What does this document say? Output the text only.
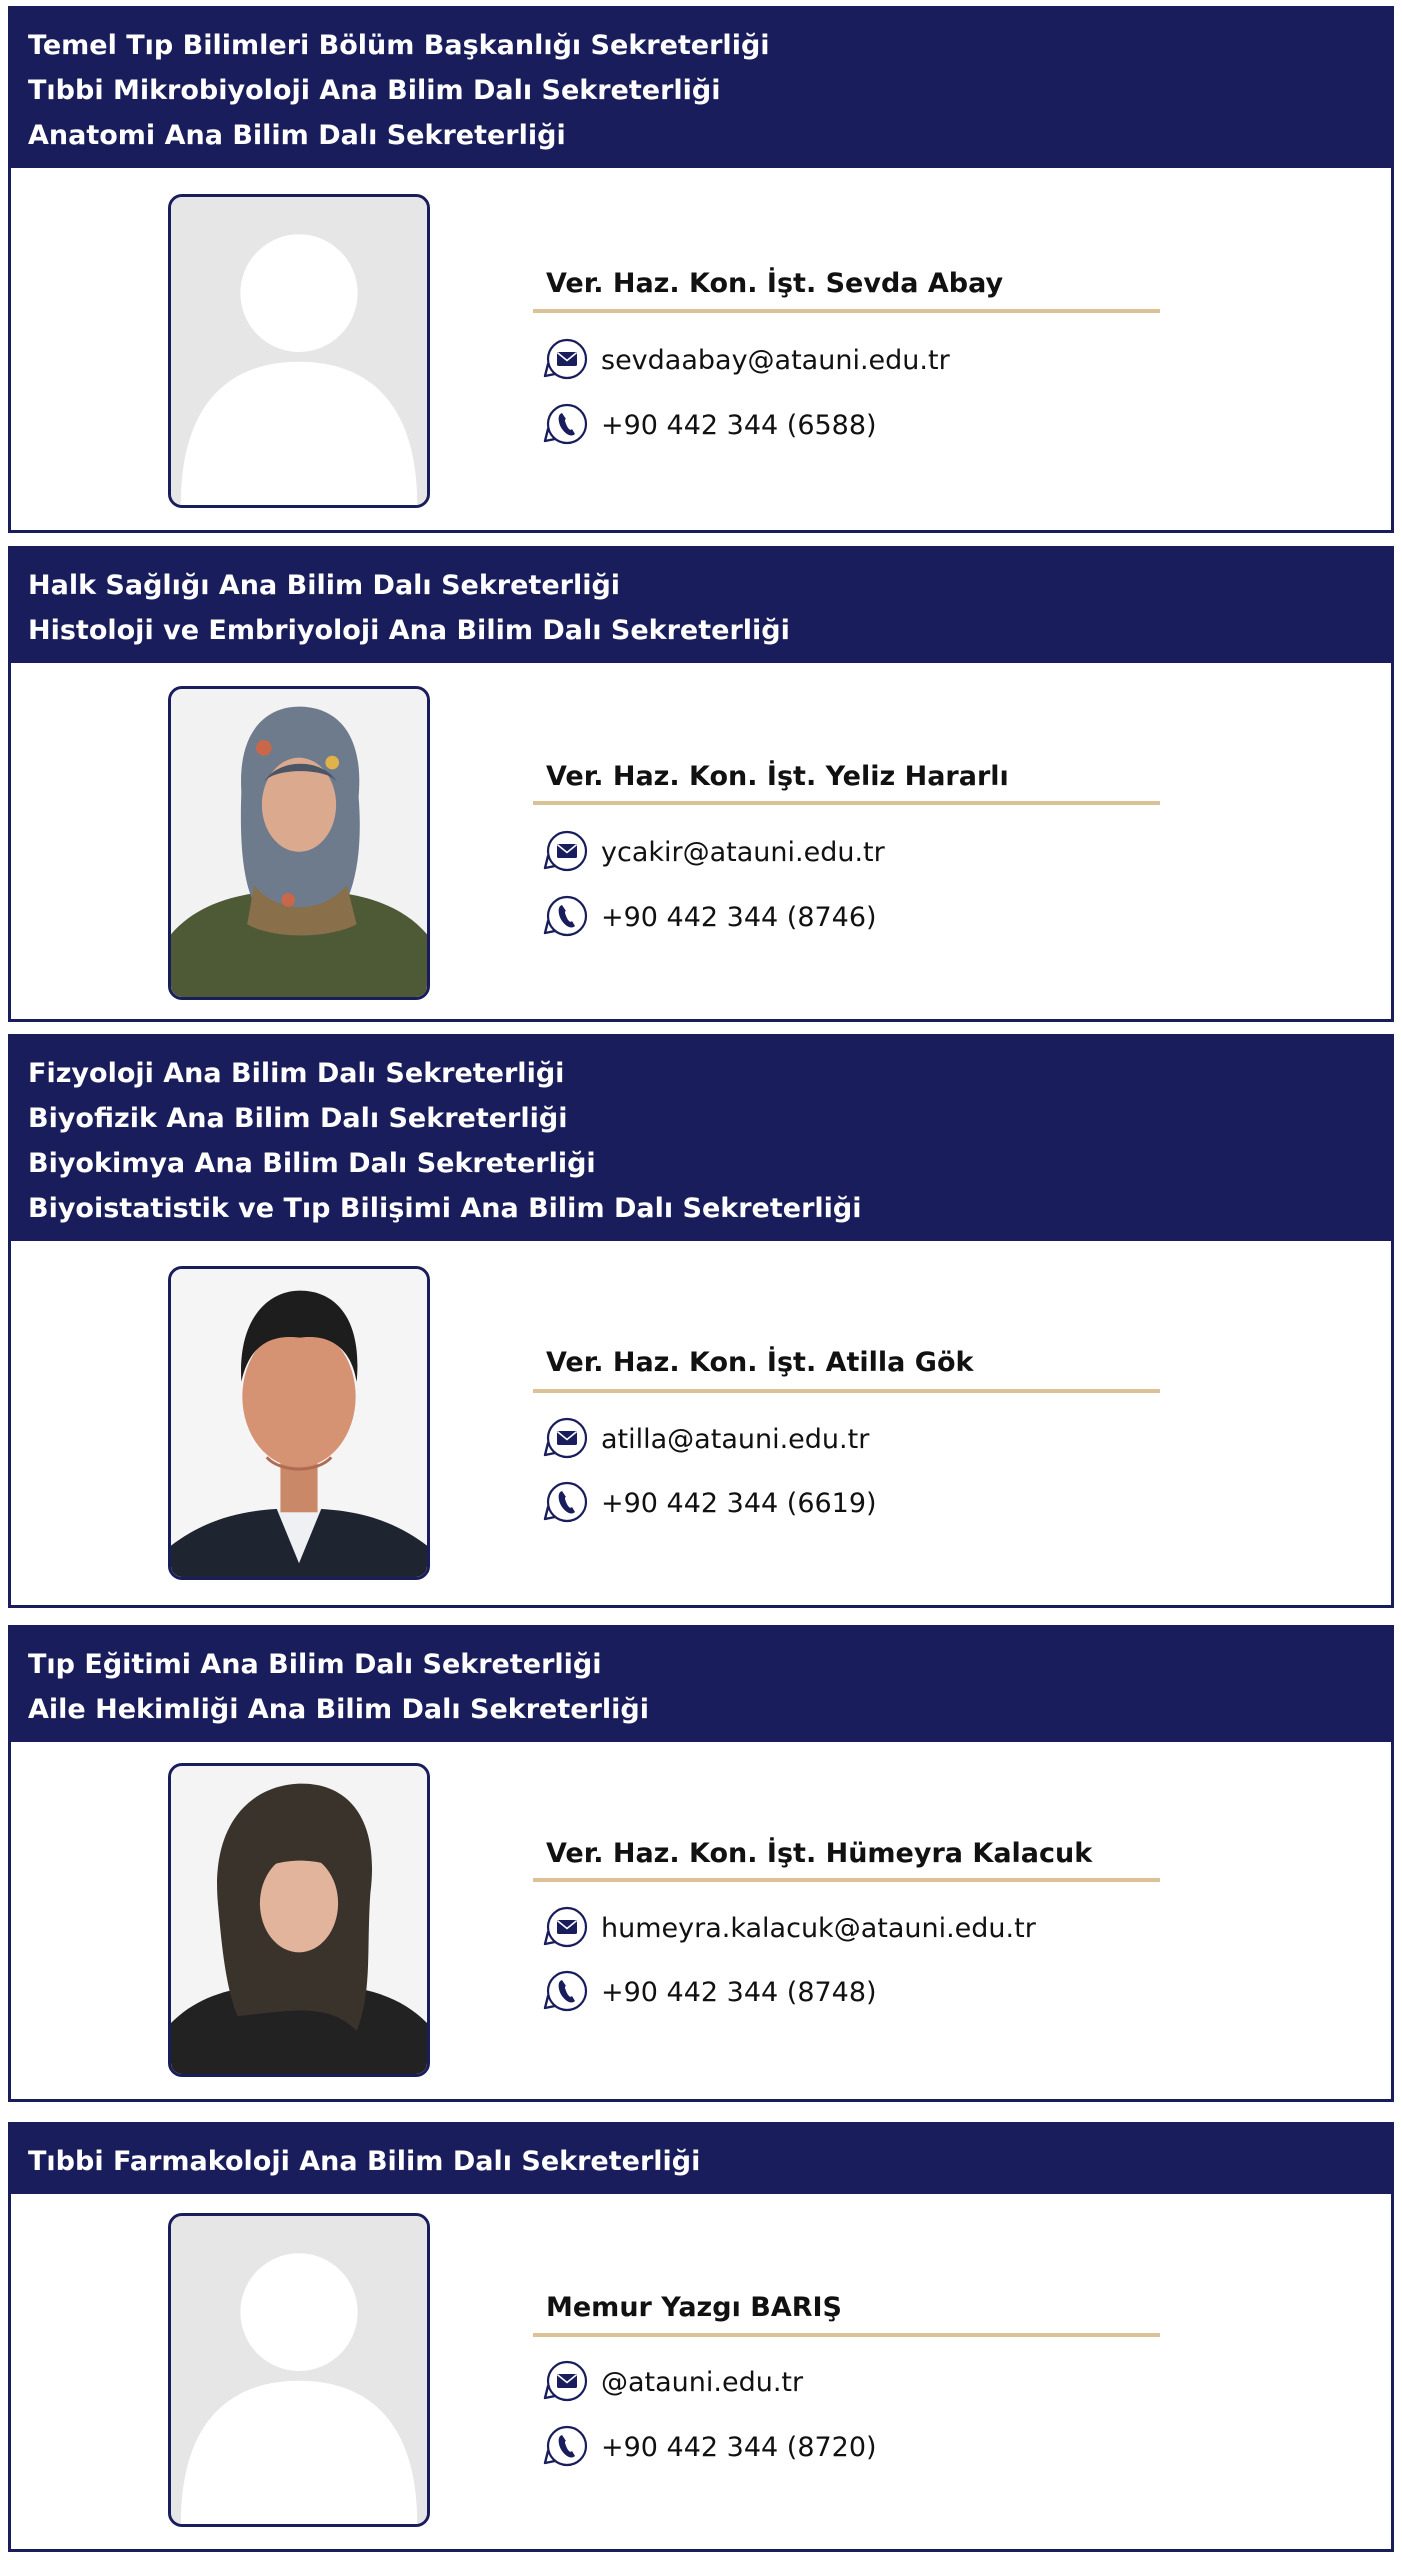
Temel Tıp Bilimleri Bölüm Başkanlığı Sekreterliği
Tıbbi Mikrobiyoloji Ana Bilim Dalı Sekreterliği
Anatomi Ana Bilim Dalı Sekreterliği
Ver. Haz. Kon. İşt. Sevda Abay
sevdaabay@atauni.edu.tr
+90 442 344 (6588)
Halk Sağlığı Ana Bilim Dalı Sekreterliği
Histoloji ve Embriyoloji Ana Bilim Dalı Sekreterliği
Ver. Haz. Kon. İşt. Yeliz Hararlı
ycakir@atauni.edu.tr
+90 442 344 (8746)
Fizyoloji Ana Bilim Dalı Sekreterliği
Biyofizik Ana Bilim Dalı Sekreterliği
Biyokimya Ana Bilim Dalı Sekreterliği
Biyoistatistik ve Tıp Bilişimi Ana Bilim Dalı Sekreterliği
Ver. Haz. Kon. İşt. Atilla Gök
atilla@atauni.edu.tr
+90 442 344 (6619)
Tıp Eğitimi Ana Bilim Dalı Sekreterliği
Aile Hekimliği Ana Bilim Dalı Sekreterliği
Ver. Haz. Kon. İşt. Hümeyra Kalacuk
humeyra.kalacuk@atauni.edu.tr
+90 442 344 (8748)
Tıbbi Farmakoloji Ana Bilim Dalı Sekreterliği
Memur Yazgı BARIŞ
@atauni.edu.tr
+90 442 344 (8720)
